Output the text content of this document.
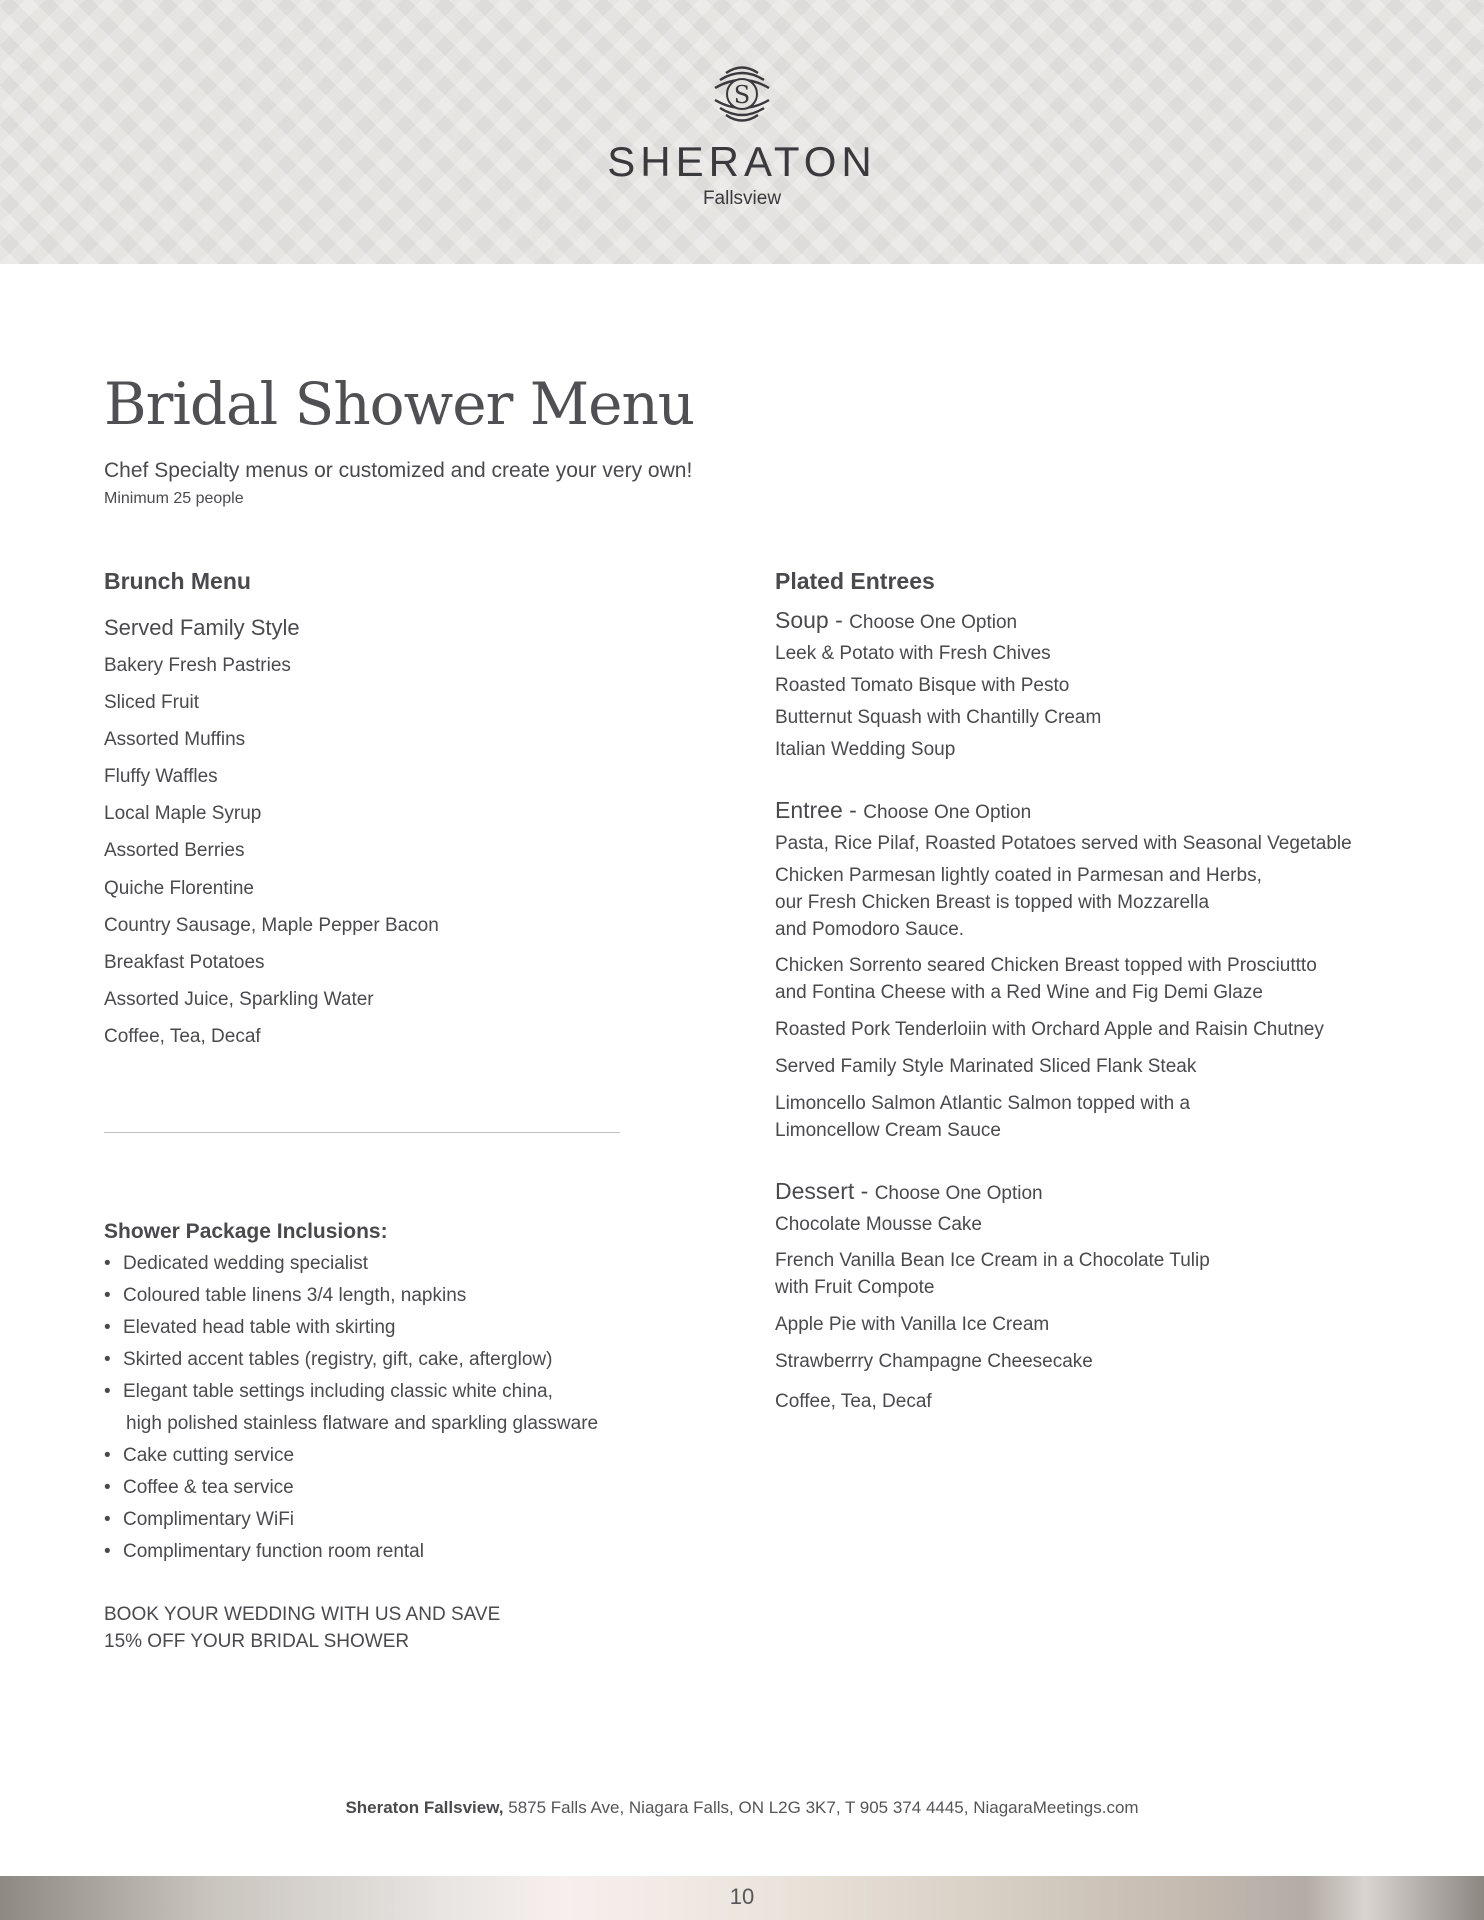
S
SHERATON
Fallsview
Bridal Shower Menu
Chef Specialty menus or customized and create your very own!
Minimum 25 people
Brunch Menu
Served Family Style
Bakery Fresh Pastries
Sliced Fruit
Assorted Muffins
Fluffy Waffles
Local Maple Syrup
Assorted Berries
Quiche Florentine
Country Sausage, Maple Pepper Bacon
Breakfast Potatoes
Assorted Juice, Sparkling Water
Coffee, Tea, Decaf
Shower Package Inclusions:
• Dedicated wedding specialist
• Coloured table linens 3/4 length, napkins
• Elevated head table with skirting
• Skirted accent tables (registry, gift, cake, afterglow)
• Elegant table settings including classic white china,
high polished stainless flatware and sparkling glassware
• Cake cutting service
• Coffee & tea service
• Complimentary WiFi
• Complimentary function room rental
BOOK YOUR WEDDING WITH US AND SAVE
15% OFF YOUR BRIDAL SHOWER
Plated Entrees
Soup - Choose One Option
Leek & Potato with Fresh Chives
Roasted Tomato Bisque with Pesto
Butternut Squash with Chantilly Cream
Italian Wedding Soup
Entree - Choose One Option
Pasta, Rice Pilaf, Roasted Potatoes served with Seasonal Vegetable
Chicken Parmesan lightly coated in Parmesan and Herbs,
our Fresh Chicken Breast is topped with Mozzarella
and Pomodoro Sauce.
Chicken Sorrento seared Chicken Breast topped with Prosciuttto
and Fontina Cheese with a Red Wine and Fig Demi Glaze
Roasted Pork Tenderloiin with Orchard Apple and Raisin Chutney
Served Family Style Marinated Sliced Flank Steak
Limoncello Salmon Atlantic Salmon topped with a
Limoncellow Cream Sauce
Dessert - Choose One Option
Chocolate Mousse Cake
French Vanilla Bean Ice Cream in a Chocolate Tulip
with Fruit Compote
Apple Pie with Vanilla Ice Cream
Strawberrry Champagne Cheesecake
Coffee, Tea, Decaf
Sheraton Fallsview, 5875 Falls Ave, Niagara Falls, ON L2G 3K7, T 905 374 4445, NiagaraMeetings.com
10
